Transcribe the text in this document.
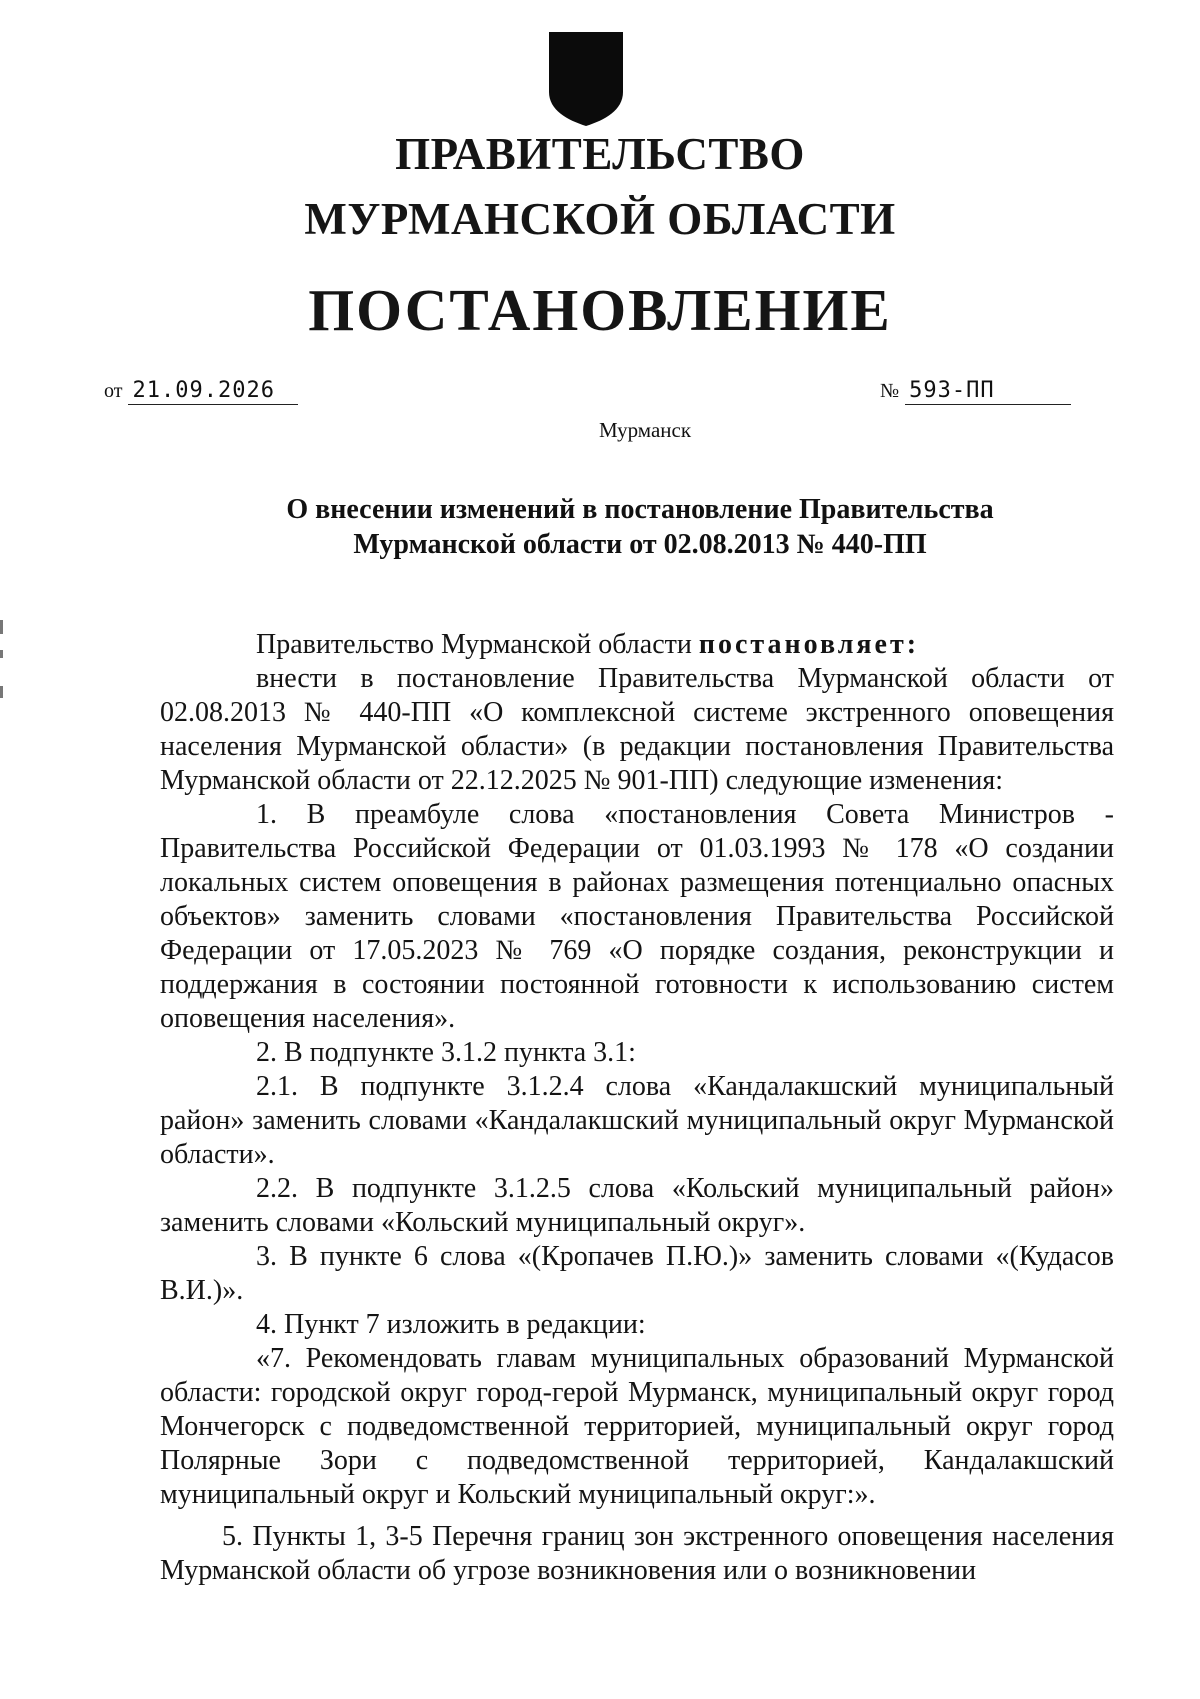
ПРАВИТЕЛЬСТВО
МУРМАНСКОЙ ОБЛАСТИ
ПОСТАНОВЛЕНИЕ
от 21.09.2026	№ 593-ПП
Мурманск
О внесении изменений в постановление Правительства
Мурманской области от 02.08.2013 № 440-ПП

Правительство Мурманской области постановляет:

внести в постановление Правительства Мурманской области от 02.08.2013 № 440-ПП «О комплексной системе экстренного оповещения населения Мурманской области» (в редакции постановления Правительства Мурманской области от 22.12.2025 № 901-ПП) следующие изменения:

1. В преамбуле слова «постановления Совета Министров - Правительства Российской Федерации от 01.03.1993 № 178 «О создании локальных систем оповещения в районах размещения потенциально опасных объектов» заменить словами «постановления Правительства Российской Федерации от 17.05.2023 № 769 «О порядке создания, реконструкции и поддержания в состоянии постоянной готовности к использованию систем оповещения населения».

2. В подпункте 3.1.2 пункта 3.1:

2.1. В подпункте 3.1.2.4 слова «Кандалакшский муниципальный район» заменить словами «Кандалакшский муниципальный округ Мурманской области».

2.2. В подпункте 3.1.2.5 слова «Кольский муниципальный район» заменить словами «Кольский муниципальный округ».

3. В пункте 6 слова «(Кропачев П.Ю.)» заменить словами «(Кудасов В.И.)».

4. Пункт 7 изложить в редакции:

«7. Рекомендовать главам муниципальных образований Мурманской области: городской округ город-герой Мурманск, муниципальный округ город Мончегорск с подведомственной территорией, муниципальный округ город Полярные Зори с подведомственной территорией, Кандалакшский муниципальный округ и Кольский муниципальный округ:».

5. Пункты 1, 3-5 Перечня границ зон экстренного оповещения населения Мурманской области об угрозе возникновения или о возникновении
